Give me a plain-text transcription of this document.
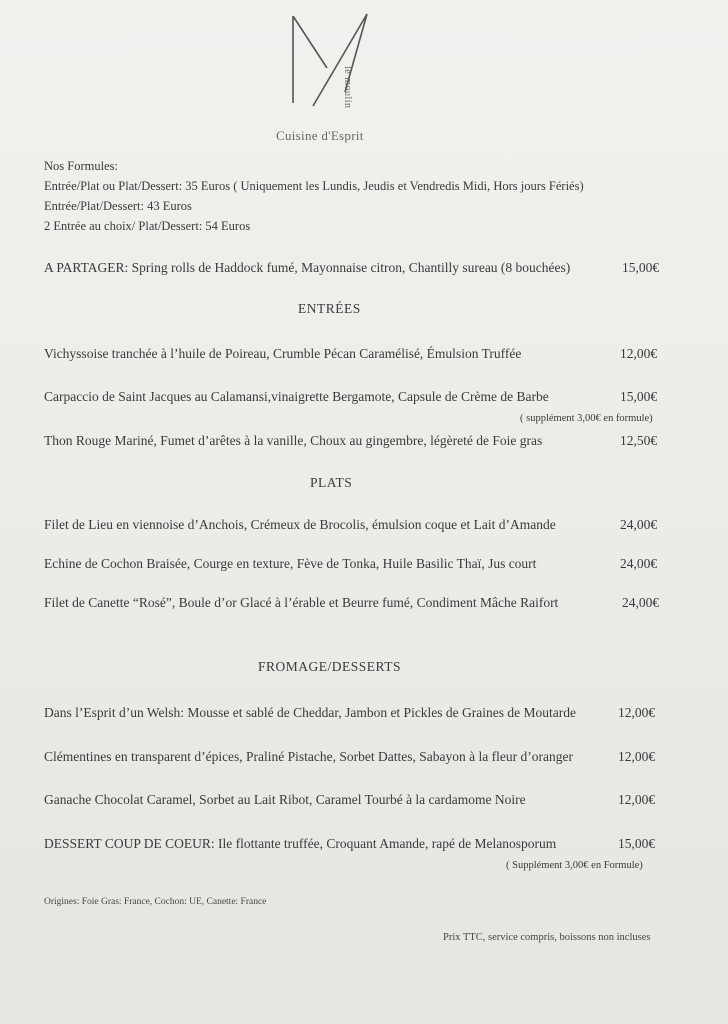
le moulin
Cuisine d'Esprit
Nos Formules:
Entrée/Plat ou Plat/Dessert: 35 Euros ( Uniquement les Lundis, Jeudis et Vendredis Midi, Hors jours Fériés)
Entrée/Plat/Dessert: 43 Euros
2 Entrée au choix/ Plat/Dessert: 54 Euros
A PARTAGER: Spring rolls de Haddock fumé, Mayonnaise citron, Chantilly sureau (8 bouchées)	15,00€
ENTRÉES
Vichyssoise tranchée à l’huile de Poireau, Crumble Pécan Caramélisé, Émulsion Truffée	12,00€
Carpaccio de Saint Jacques au Calamansi,vinaigrette Bergamote, Capsule de Crème de Barbe	15,00€
( supplément 3,00€ en formule)
Thon Rouge Mariné, Fumet d’arêtes à la vanille, Choux au gingembre, légèreté de Foie gras	12,50€
PLATS
Filet de Lieu en viennoise d’Anchois, Crémeux de Brocolis, émulsion coque et Lait d’Amande	24,00€
Echine de Cochon Braisée, Courge en texture, Fève de Tonka, Huile Basilic Thaï, Jus court	24,00€
Filet de Canette “Rosé”, Boule d’or Glacé à l’érable et Beurre fumé, Condiment Mâche Raifort	24,00€
FROMAGE/DESSERTS
Dans l’Esprit d’un Welsh: Mousse et sablé de Cheddar, Jambon et Pickles de Graines de Moutarde	12,00€
Clémentines en transparent d’épices, Praliné Pistache, Sorbet Dattes, Sabayon à la fleur d’oranger	12,00€
Ganache Chocolat Caramel, Sorbet au Lait Ribot, Caramel Tourbé à la cardamome Noire	12,00€
DESSERT COUP DE COEUR: Ile flottante truffée, Croquant Amande, rapé de Melanosporum	15,00€
( Supplément 3,00€ en Formule)
Origines: Foie Gras: France, Cochon: UE, Canette: France
Prix TTC, service compris, boissons non incluses
